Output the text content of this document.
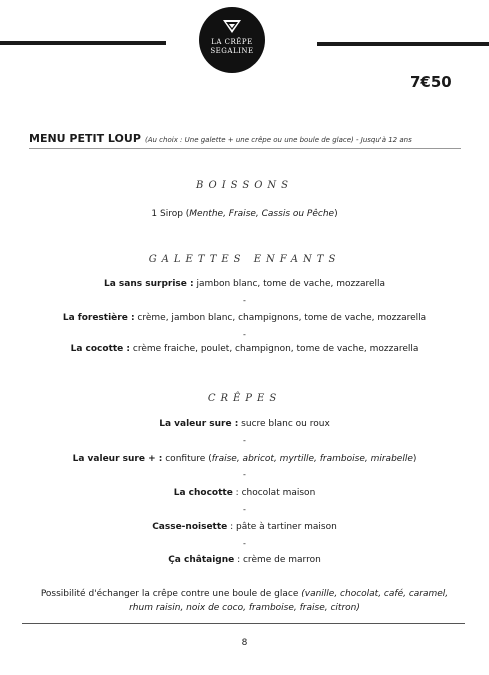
LA CRÊPE
SEGALINE
7€50
MENU PETIT LOUP (Au choix : Une galette + une crêpe ou une boule de glace) - Jusqu'à 12 ans
BOISSONS
1 Sirop (Menthe, Fraise, Cassis ou Pêche)
GALETTES ENFANTS
La sans surprise : jambon blanc, tome de vache, mozzarella
-
La forestière : crème, jambon blanc, champignons, tome de vache, mozzarella
-
La cocotte : crème fraiche, poulet, champignon, tome de vache, mozzarella
CRÊPES
La valeur sure : sucre blanc ou roux
-
La valeur sure + : confiture (fraise, abricot, myrtille, framboise, mirabelle)
-
La chocotte : chocolat maison
-
Casse-noisette : pâte à tartiner maison
-
Ça châtaigne : crème de marron
Possibilité d'échanger la crêpe contre une boule de glace (vanille, chocolat, café, caramel,
rhum raisin, noix de coco, framboise, fraise, citron)
8
